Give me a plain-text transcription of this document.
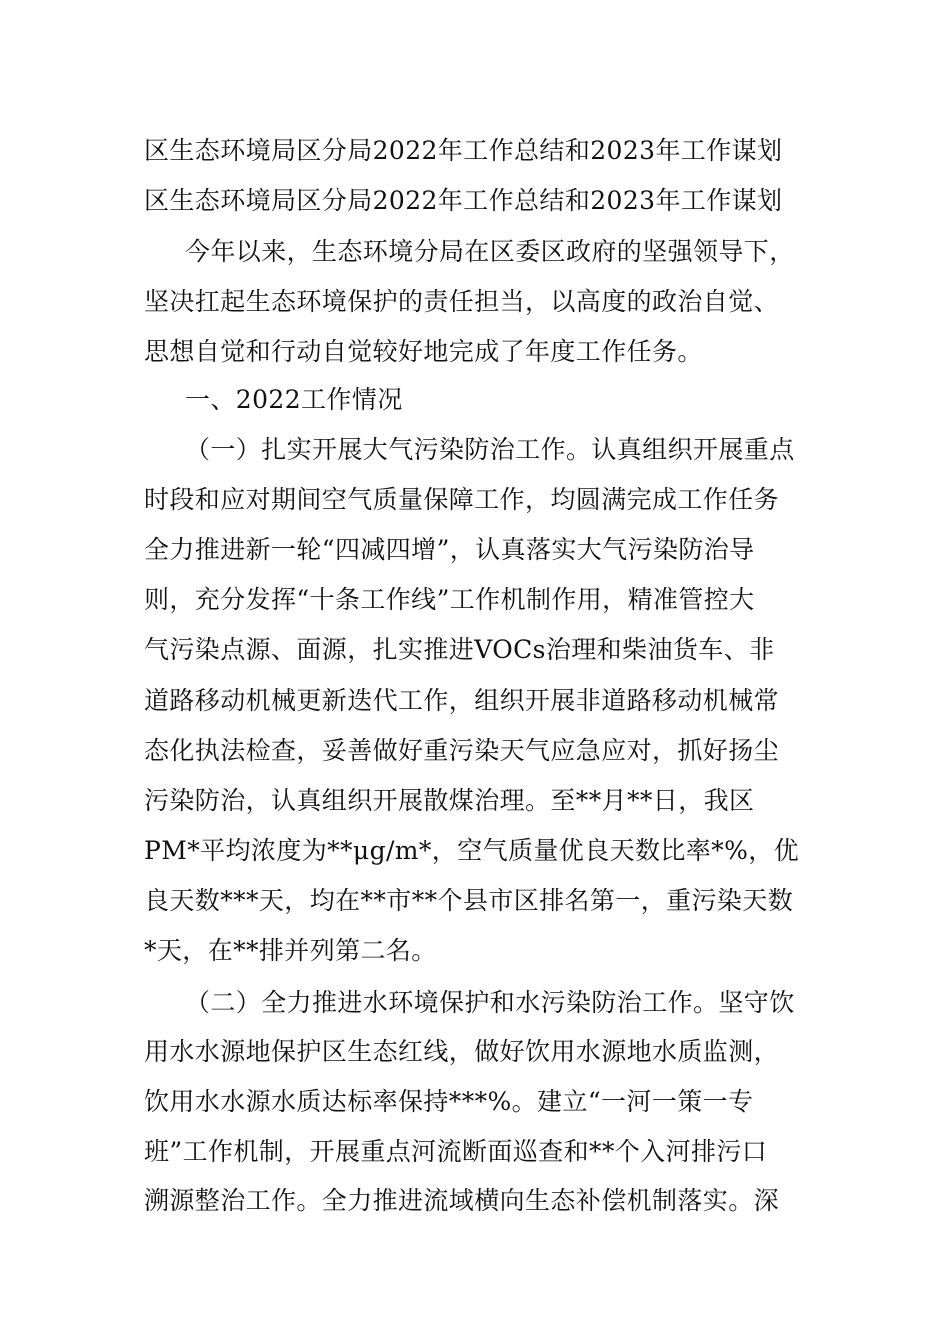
区生态环境局区分局2022年工作总结和2023年工作谋划
区生态环境局区分局2022年工作总结和2023年工作谋划
今年以来，生态环境分局在区委区政府的坚强领导下，
坚决扛起生态环境保护的责任担当，以高度的政治自觉、
思想自觉和行动自觉较好地完成了年度工作任务。
一、2022工作情况
（一）扎实开展大气污染防治工作。认真组织开展重点
时段和应对期间空气质量保障工作，均圆满完成工作任务
全力推进新一轮“四减四增”，认真落实大气污染防治导
则，充分发挥“十条工作线”工作机制作用，精准管控大
气污染点源、面源，扎实推进VOCs治理和柴油货车、非
道路移动机械更新迭代工作，组织开展非道路移动机械常
态化执法检查，妥善做好重污染天气应急应对，抓好扬尘
污染防治，认真组织开展散煤治理。至**月**日，我区
PM*平均浓度为**μg/m*，空气质量优良天数比率*%，优
良天数***天，均在**市**个县市区排名第一，重污染天数
*天，在**排并列第二名。
（二）全力推进水环境保护和水污染防治工作。坚守饮
用水水源地保护区生态红线，做好饮用水源地水质监测，
饮用水水源水质达标率保持***%。建立“一河一策一专
班”工作机制，开展重点河流断面巡查和**个入河排污口
溯源整治工作。全力推进流域横向生态补偿机制落实。深
